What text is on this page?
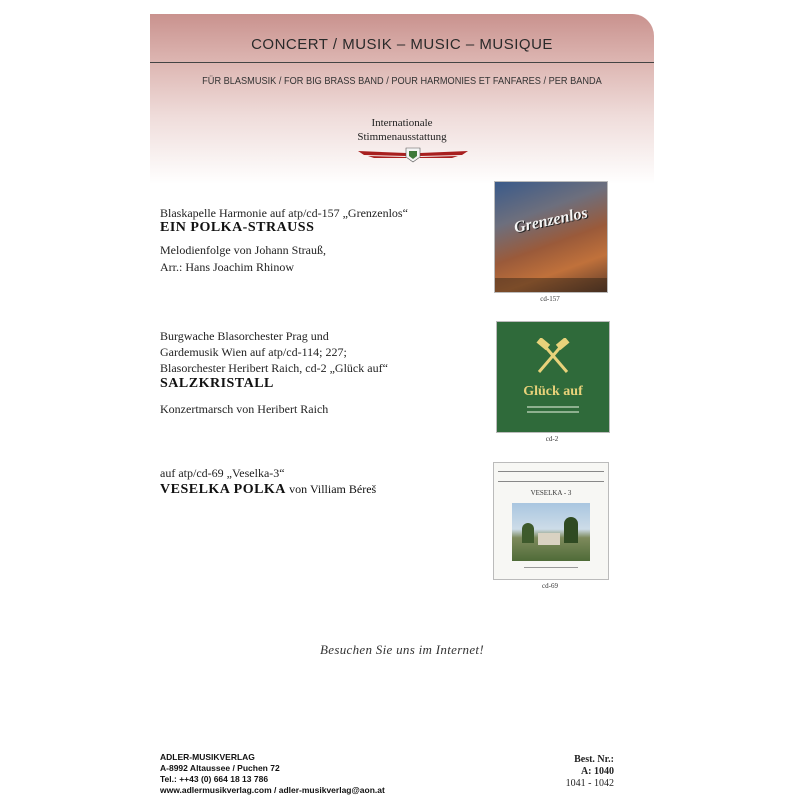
CONCERT / MUSIK – MUSIC – MUSIQUE
FÜR BLASMUSIK / FOR BIG BRASS BAND / POUR HARMONIES ET FANFARES / PER BANDA
Internationale
Stimmenausstattung
Blaskapelle Harmonie auf atp/cd-157 „Grenzenlos“
EIN POLKA-STRAUSS
Melodienfolge von Johann Strauß,
Arr.: Hans Joachim Rhinow
Grenzenlos
cd-157
Burgwache Blasorchester Prag und
Gardemusik Wien auf atp/cd-114; 227;
Blasorchester Heribert Raich, cd-2 „Glück auf“
SALZKRISTALL
Konzertmarsch von Heribert Raich
Glück auf
cd-2
auf atp/cd-69 „Veselka-3“
VESELKA POLKA von Villiam Béreš	VESELKA - 3
cd-69
Besuchen Sie uns im Internet!
ADLER-MUSIKVERLAG
A-8992 Altaussee / Puchen 72
Tel.: ++43 (0) 664 18 13 786
www.adlermusikverlag.com / adler-musikverlag@aon.at
Best. Nr.:
A: 1040
1041 - 1042
